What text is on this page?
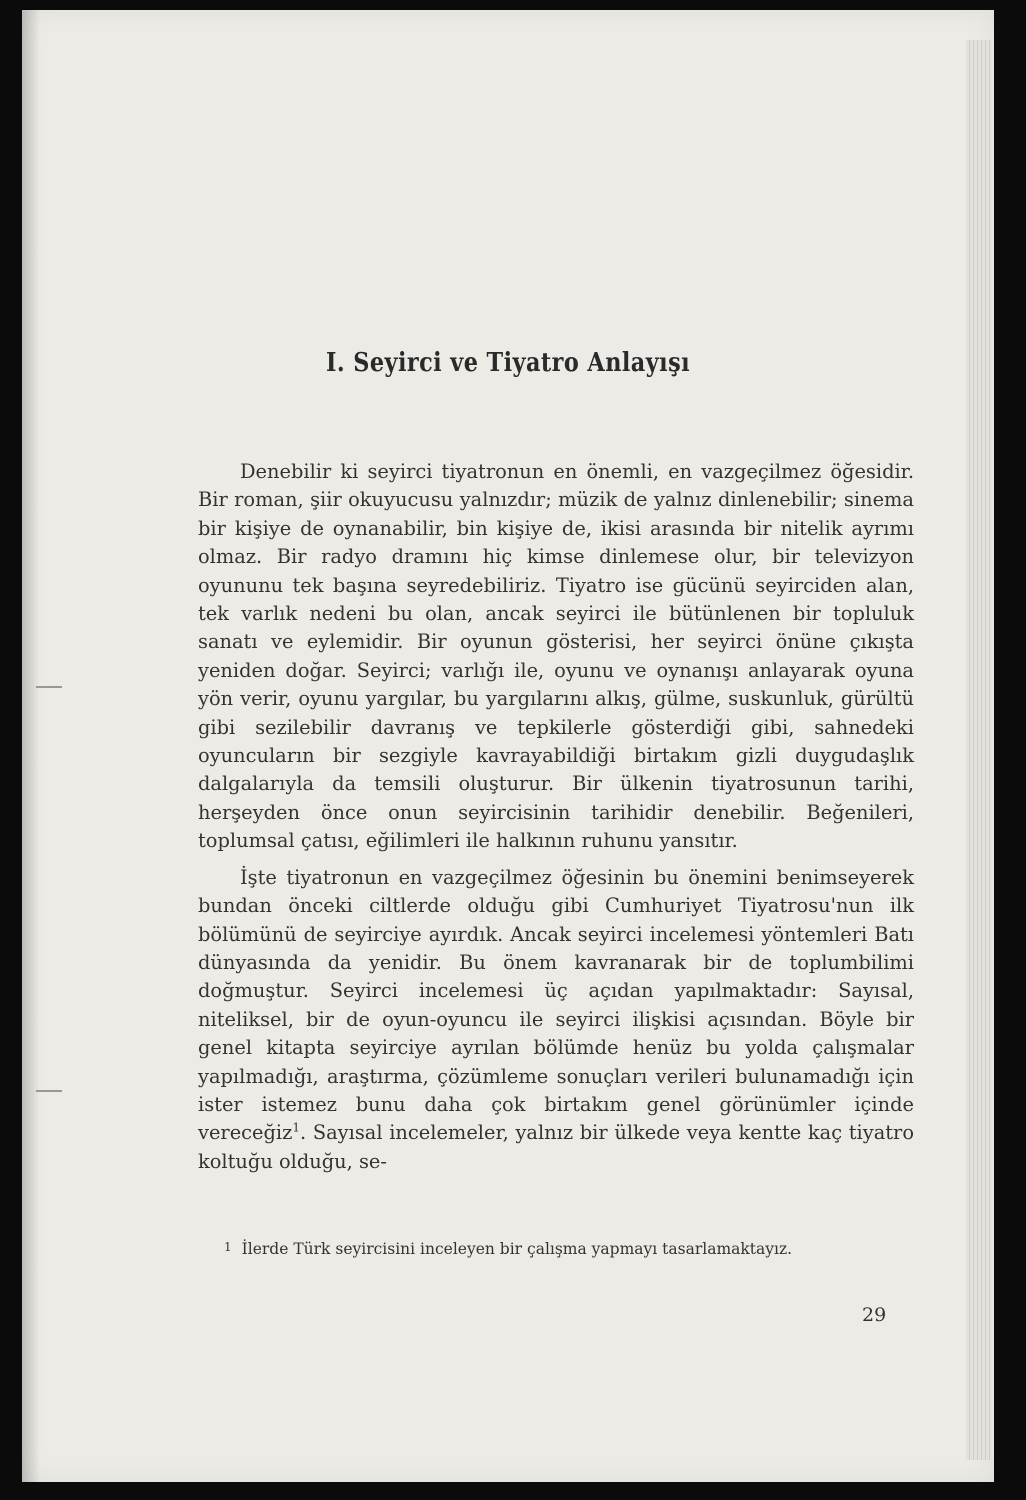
I. Seyirci ve Tiyatro Anlayışı

Denebilir ki seyirci tiyatronun en önemli, en vazgeçilmez öğesidir. Bir roman, şiir okuyucusu yalnızdır; müzik de yalnız dinlenebilir; sinema bir kişiye de oynanabilir, bin kişiye de, ikisi arasında bir nitelik ayrımı olmaz. Bir radyo dramını hiç kimse dinlemese olur, bir televizyon oyununu tek başına seyredebiliriz. Tiyatro ise gücünü seyirciden alan, tek varlık nedeni bu olan, ancak seyirci ile bütünlenen bir topluluk sanatı ve eylemidir. Bir oyunun gösterisi, her seyirci önüne çıkışta yeniden doğar. Seyirci; varlığı ile, oyunu ve oynanışı anlayarak oyuna yön verir, oyunu yargılar, bu yargılarını alkış, gülme, suskunluk, gürültü gibi sezilebilir davranış ve tepkilerle gösterdiği gibi, sahnedeki oyuncuların bir sezgiyle kavrayabildiği birtakım gizli duygudaşlık dalgalarıyla da temsili oluşturur. Bir ülkenin tiyatrosunun tarihi, herşeyden önce onun seyircisinin tarihidir denebilir. Beğenileri, toplumsal çatısı, eğilimleri ile halkının ruhunu yansıtır.

İşte tiyatronun en vazgeçilmez öğesinin bu önemini benimseyerek bundan önceki ciltlerde olduğu gibi Cumhuriyet Tiyatrosu'nun ilk bölümünü de seyirciye ayırdık. Ancak seyirci incelemesi yöntemleri Batı dünyasında da yenidir. Bu önem kavranarak bir de toplumbilimi doğmuştur. Seyirci incelemesi üç açıdan yapılmaktadır: Sayısal, niteliksel, bir de oyun-oyuncu ile seyirci ilişkisi açısından. Böyle bir genel kitapta seyirciye ayrılan bölümde henüz bu yolda çalışmalar yapılmadığı, araştırma, çözümleme sonuçları verileri bulunamadığı için ister istemez bunu daha çok birtakım genel görünümler içinde vereceğiz$^1$. Sayısal incelemeler, yalnız bir ülkede veya kentte kaç tiyatro koltuğu olduğu, se-

1 İlerde Türk seyircisini inceleyen bir çalışma yapmayı tasarlamaktayız.

29
